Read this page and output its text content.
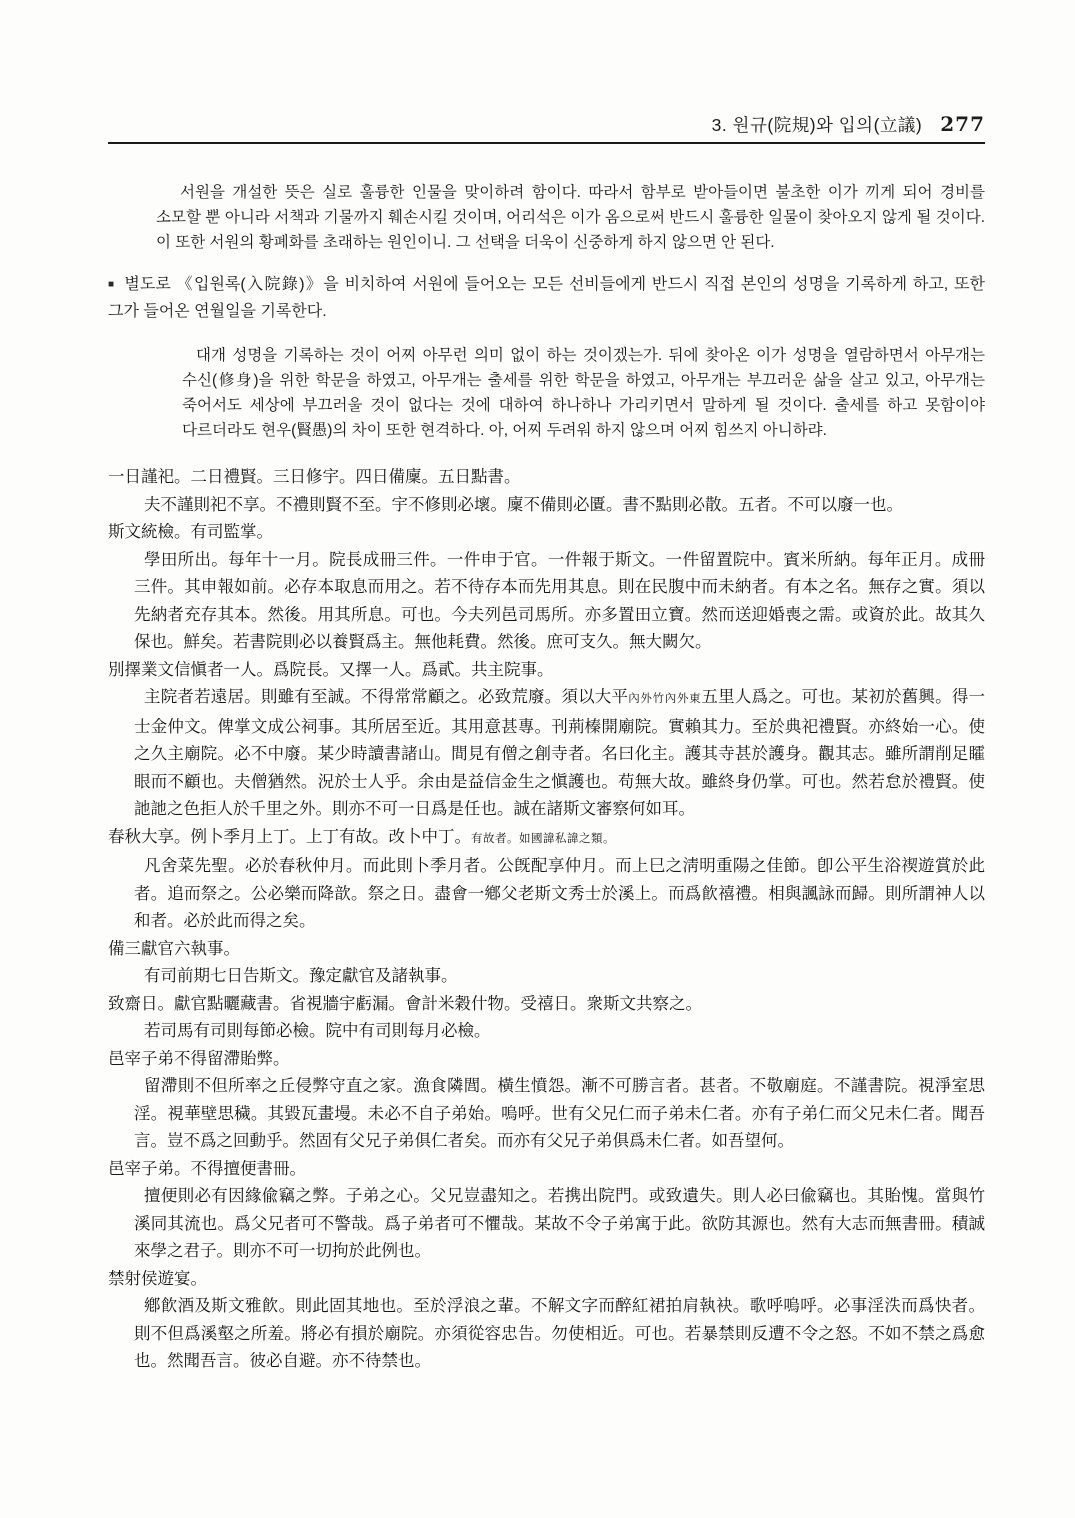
3. 원규(院規)와 입의(立議) 277

서원을 개설한 뜻은 실로 훌륭한 인물을 맞이하려 함이다. 따라서 함부로 받아들이면 불초한 이가 끼게 되어 경비를 소모할 뿐 아니라 서책과 기물까지 훼손시킬 것이며, 어리석은 이가 옴으로써 반드시 훌륭한 일물이 찾아오지 않게 될 것이다. 이 또한 서원의 황폐화를 초래하는 원인이니. 그 선택을 더욱이 신중하게 하지 않으면 안 된다.

■ 별도로 《입원록(入院錄)》을 비치하여 서원에 들어오는 모든 선비들에게 반드시 직접 본인의 성명을 기록하게 하고, 또한 그가 들어온 연월일을 기록한다.

대개 성명을 기록하는 것이 어찌 아무런 의미 없이 하는 것이겠는가. 뒤에 찾아온 이가 성명을 열람하면서 아무개는 수신(修身)을 위한 학문을 하였고, 아무개는 출세를 위한 학문을 하였고, 아무개는 부끄러운 삶을 살고 있고, 아무개는 죽어서도 세상에 부끄러울 것이 없다는 것에 대하여 하나하나 가리키면서 말하게 될 것이다. 출세를 하고 못함이야 다르더라도 현우(賢愚)의 차이 또한 현격하다. 아, 어찌 두려워 하지 않으며 어찌 힘쓰지 아니하랴.

一日謹祀。二日禮賢。三日修宇。四日備廩。五日點書。

夫不謹則祀不享。不禮則賢不至。宇不修則必壞。廩不備則必匱。書不點則必散。五者。不可以廢一也。

斯文統檢。有司監掌。

學田所出。每年十一月。院長成冊三件。一件申于官。一件報于斯文。一件留置院中。賓米所納。每年正月。成冊三件。其申報如前。必存本取息而用之。若不待存本而先用其息。則在民腹中而未納者。有本之名。無存之實。須以先納者充存其本。然後。用其所息。可也。今夫列邑司馬所。亦多置田立寶。然而送迎婚喪之需。或資於此。故其久保也。鮮矣。若書院則必以養賢爲主。無他耗費。然後。庶可支久。無大闕欠。

別擇業文信愼者一人。爲院長。又擇一人。爲貳。共主院事。

主院者若遠居。則雖有至誠。不得常常顧之。必致荒廢。須以大平內外竹內外東五里人爲之。可也。某初於舊興。得一士金仲文。俾掌文成公祠事。其所居至近。其用意甚專。刊荊榛開廟院。實賴其力。至於典祀禮賢。亦終始一心。使之久主廟院。必不中廢。某少時讀書諸山。間見有僧之創寺者。名曰化主。護其寺甚於護身。觀其志。雖所謂削足矐眼而不顧也。夫僧猶然。況於士人乎。余由是益信金生之愼護也。苟無大故。雖終身仍掌。可也。然若怠於禮賢。使訑訑之色拒人於千里之外。則亦不可一日爲是任也。誠在諸斯文審察何如耳。

春秋大享。例卜季月上丁。上丁有故。改卜中丁。有故者。如國諱私諱之類。

凡舍菜先聖。必於春秋仲月。而此則卜季月者。公旣配享仲月。而上巳之淸明重陽之佳節。卽公平生浴禊遊賞於此者。追而祭之。公必樂而降歆。祭之日。盡會一鄕父老斯文秀士於溪上。而爲飮禧禮。相與諷詠而歸。則所謂神人以和者。必於此而得之矣。

備三獻官六執事。

有司前期七日告斯文。豫定獻官及諸執事。

致齋日。獻官點曬藏書。省視牆宇虧漏。會計米穀什物。受禧日。衆斯文共察之。

若司馬有司則每節必檢。院中有司則每月必檢。

邑宰子弟不得留滯貽弊。

留滯則不但所率之丘侵弊守直之家。漁食隣閭。橫生憤怨。漸不可勝言者。甚者。不敬廟庭。不謹書院。視淨室思淫。視華壁思穢。其毀瓦畫墁。未必不自子弟始。嗚呼。世有父兄仁而子弟未仁者。亦有子弟仁而父兄未仁者。聞吾言。豈不爲之回動乎。然固有父兄子弟俱仁者矣。而亦有父兄子弟俱爲未仁者。如吾望何。

邑宰子弟。不得擅便書冊。

擅便則必有因緣偸竊之弊。子弟之心。父兄豈盡知之。若携出院門。或致遺失。則人必曰偸竊也。其貽愧。當與竹溪同其流也。爲父兄者可不警哉。爲子弟者可不懼哉。某故不令子弟寓于此。欲防其源也。然有大志而無書冊。積誠來學之君子。則亦不可一切拘於此例也。

禁射侯遊宴。

鄕飮酒及斯文雅飮。則此固其地也。至於浮浪之輩。不解文字而醉紅裙拍肩執袂。歌呼嗚呼。必事淫泆而爲快者。則不但爲溪壑之所羞。將必有損於廟院。亦須從容忠告。勿使相近。可也。若暴禁則反遭不令之怒。不如不禁之爲愈也。然聞吾言。彼必自避。亦不待禁也。
